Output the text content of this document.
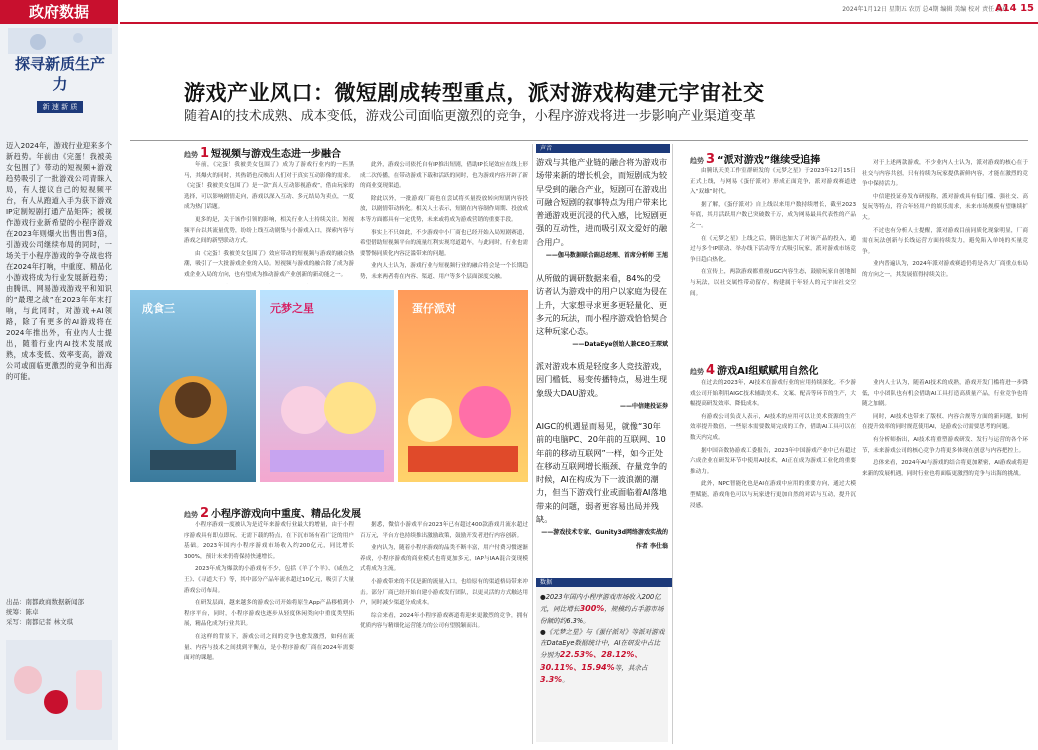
政府数据	2024年1月12日 星期五 农历 总4期 编辑 美编 校对 责任 发布
A14 15
探寻新质生产力
新 速 新 质
迈入2024年，游戏行业迎来多个新趋势。年前由《完蛋！我被美女包围了》带动的短视频+游戏趋势吸引了一批游戏公司青睐入局，有人提议自己的短视频平台，有人从跑道入手为获下游戏IP定制短剧打通产品矩阵；被视作游戏行业新希望的小程序游戏在2023年则爆火出售出售3倍，引游戏公司继续布局的同时，一场关于小程序游戏的争夺战也将在2024年打响，中重度、精品化小游戏将成为行业发展新趋势；由腾讯、网易游戏游戏平和知识的“最理之战”在2023年年末打响，与此同时，对游戏+AI领路，除了有更多的AI游戏将在2024年推出外，有业内人士提出，随着行业内AI技术发展成熟，成本变低、效率变高，游戏公司或面临更激烈的竞争和出海的可能。
出品：南都政商数据新闻部
统筹：陈卓
采写：南都记者 林文琪
游戏产业风口：微短剧成转型重点，派对游戏构建元宇宙社交
随着AI的技术成熟、成本变低，游戏公司面临更激烈的竞争，小程序游戏将进一步影响产业渠道变革
趋势 1 短视频与游戏生态进一步融合

年前，《完蛋！我被美女包围了》成为了游戏行业内的一匹黑马，其爆火的同时，其热销也反映出人们对于真实互动影像的需求。《完蛋！我被美女包围了》是一款“真人互动影视游戏”，借由玩家的选择，可以影响剧情走向，游戏以深入互动、多元结局为卖点，一度成为热门话题。

更多的是，关于该作引领的影响，相关行业人士持续关注。短视频平台以其流量优势，纷纷上线互动剧集与小游戏入口，探索内容与游戏之间的新型联动方式。

由《完蛋！我被美女包围了》效应带动的短视频与游戏的融合热潮，吸引了一大批游戏企业的入局。短视频与游戏的融合除了成为游戏企业入局的方向，也有望成为推动游戏产业创新的新动能之一。

此外，游戏公司依托自有IP推出短剧，借助IP长尾效应在线上形成二次传播，在带动游戏下载和活跃的同时，也为游戏内容开辟了新的商业变现渠道。

除此以外，一批游戏厂商也在尝试将买量投放转向短剧内容投放，以剧情带动转化。相关人士表示，短剧在内容制作周期、投放成本等方面都具有一定优势，未来或将成为游戏营销的重要手段。

事实上不只如此，不少游戏中小厂商也已经开始入局短剧赛道，希望借助短视频平台的流量红利实现弯道超车，与此同时，行业也需要警惕同质化内容泛滥带来的问题。

业内人士认为，游戏行业与短视频行业的融合将会是一个长期趋势，未来两者将在内容、渠道、用户等多个层面深度交融。

成食三	元梦之星	蛋仔派对
趋势 2 小程序游戏向中重度、精品化发展

小程序游戏一度被认为是近年来游戏行业最大的增量，由于小程序游戏具有即点即玩、无需下载的特点，在下沉市场有着广泛的用户基础。2023年国内小程序游戏市场收入约200亿元，同比增长300%，预计未来仍将保持快速增长。

2023年成为爆款的小游戏有不少，包括《羊了个羊》、《咸鱼之王》、《寻道大千》等，其中部分产品年流水超过10亿元，吸引了大量游戏公司布局。

在研发层面，越来越多的游戏公司开始将原生App产品移植到小程序平台，同时，小程序游戏也逐步从轻度休闲类向中重度类型拓展，精品化成为行业共识。

在这样的背景下，游戏公司之间的竞争也愈发激烈，如何在流量、内容与技术之间找到平衡点，是小程序游戏厂商在2024年需要面对的课题。

据悉，微信小游戏平台2023年已有超过400款游戏月流水超过百万元，平台方也持续推出激励政策，鼓励开发者进行内容创新。

业内认为，随着小程序游戏的品类不断丰富，用户付费习惯逐渐养成，小程序游戏的商业模式也将更加多元，IAP与IAA混合变现模式将成为主流。

小游戏带来的不仅是新的流量入口，也给原有的渠道格局带来冲击。部分厂商已经开始自建小游戏发行团队，以更灵活的方式触达用户，同时减少渠道分成成本。

综合来看，2024年小程序游戏赛道将迎来更激烈的竞争，拥有优质内容与精细化运营能力的公司有望脱颖而出。

声音
游戏与其他产业链的融合将为游戏市场带来新的增长机会，而短剧成为较早受到的融合产业，短剧可在游戏出可融合短剧的叙事特点为用户带来比普通游戏更沉浸的代入感，比短剧更强的互动性，进而吸引双文爱好的融合用户。
——伽马数据联合副总经理、首席分析师 王旭
从所做的调研数据来看，84%的受访者认为游戏中的用户以家庭为侵在上升，大家想寻求更多更轻量化、更多元的玩法，而小程序游戏恰恰契合这种玩家心态。
——DataEye创始人兼CEO王琛斌
派对游戏本质是轻度多人竞技游戏，因门槛低、易变传播特点，易进生现象级大DAU游戏。
——中信建投证券
AIGC的机遇显而易见，就像“30年前的电脑PC、20年前的互联网、10年前的移动互联网”一样，如今正处在移动互联网增长瓶颈、存量竞争的时候，AI在构成为下一波浪潮的潮力，但当下游戏行业或面临着AI落地带来的问题，弱者更容易出局并残缺。
——游戏技术专家、Gunity3d网络游戏实战的作者 李仕翁
数据
●2023年国内小程序游戏市场收入200亿元，同比增长300%，规模约占手游市场份额的约6.3%。
●《元梦之星》与《蛋仔派对》等派对游戏在DataEye数据统计中，AI在研发中占比分别为22.53%、28.12%、30.11%、15.94%等，其余占3.3%。
趋势 3 “派对游戏”继续受追捧

由腾讯天美工作室群研发的《元梦之星》于2023年12月15日正式上线，与网易《蛋仔派对》形成正面竞争，派对游戏赛道进入“双雄”时代。

据了解，《蛋仔派对》自上线以来用户数持续增长，截至2023年底，其月活跃用户数已突破数千万，成为网易最具代表性的产品之一。

在《元梦之星》上线之后，腾讯也加大了对该产品的投入，通过与多个IP联动、举办线下活动等方式吸引玩家，派对游戏市场竞争日趋白热化。

在宣传上，两款游戏都重视UGC内容生态，鼓励玩家自创地图与玩法，以社交属性带动留存，构建属于年轻人的元宇宙社交空间。

对于上述两款游戏，不少业内人士认为，派对游戏的核心在于社交与内容共创，只有持续为玩家提供新鲜内容，才能在激烈的竞争中保持活力。

中信建投证券发布研报称，派对游戏具有低门槛、强社交、高复玩等特点，符合年轻用户的娱乐需求，未来市场规模有望继续扩大。

不过也有分析人士提醒，派对游戏目前同质化现象明显，厂商需在玩法创新与长线运营方面持续发力，避免陷入单纯的买量竞争。

业内普遍认为，2024年派对游戏赛道仍将是各大厂商重点布局的方向之一，其发展值得持续关注。

趋势 4 游戏AI组赋赋用自然化

在过去的2023年，AI技术在游戏行业的应用持续深化。不少游戏公司开始利用AIGC技术辅助美术、文案、配音等环节的生产，大幅提高研发效率、降低成本。

有游戏公司负责人表示，AI技术的应用可以让美术资源的生产效率提升数倍，一些原本需要数周完成的工作，借助AI工具可以在数天内完成。

据中国音数协游戏工委报告，2023年中国游戏产业中已有超过六成企业在研发环节中使用AI技术，AI正在成为游戏工业化的重要推动力。

此外，NPC智能化也是AI在游戏中应用的重要方向，通过大模型赋能，游戏角色可以与玩家进行更加自然的对话与互动，提升沉浸感。

业内人士认为，随着AI技术的成熟，游戏开发门槛将进一步降低，中小团队也有机会借助AI工具打造高质量产品，行业竞争也将随之加剧。

同时，AI技术也带来了版权、内容合规等方面的新问题，如何在提升效率的同时规范使用AI，是游戏公司需要思考的问题。

有分析师指出，AI技术将重塑游戏研发、发行与运营的各个环节，未来游戏公司的核心竞争力将更多体现在创意与内容把控上。

总体来看，2024年AI与游戏的结合将更加紧密，AI游戏或将迎来新的发展机遇，同时行业也将面临更激烈的竞争与出海的挑战。
